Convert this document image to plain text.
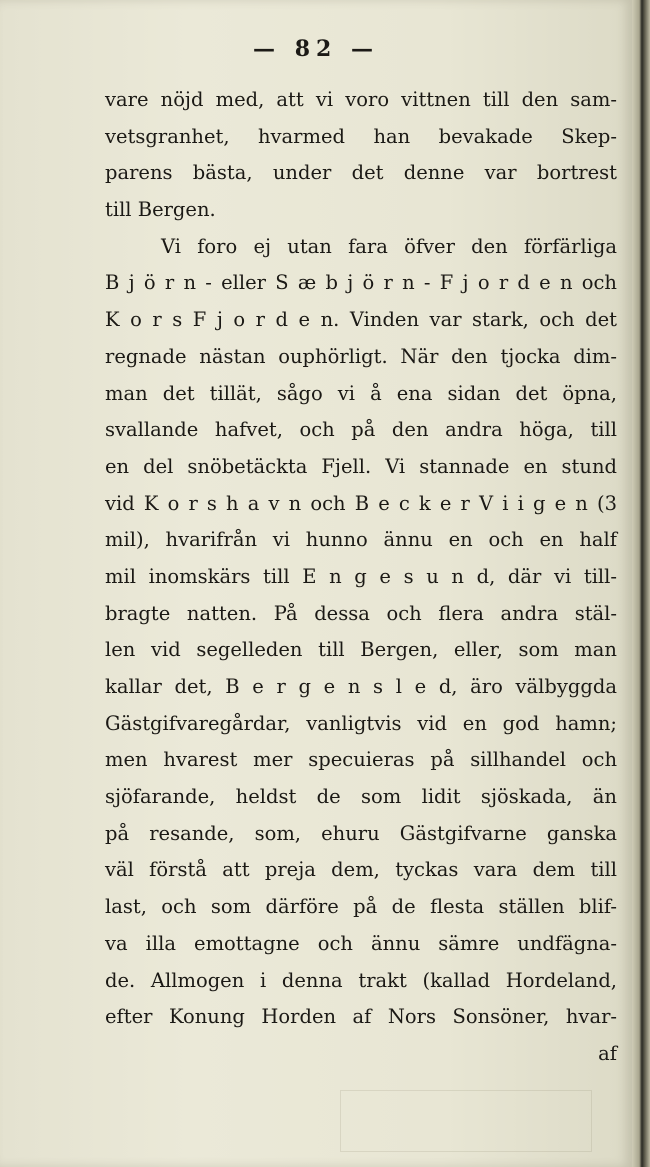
— 82 —
vare nöjd med, att vi voro vittnen till den sam-
vetsgranhet, hvarmed han bevakade Skep-
parens bästa, under det denne var bortrest
till Bergen.
Vi foro ej utan fara öfver den förfärliga
B j ö r n - eller S æ b j ö r n - F j o r d e n och
K o r s F j o r d e n. Vinden var stark, och det
regnade nästan ouphörligt. När den tjocka dim-
man det tillät, sågo vi å ena sidan det öpna,
svallande hafvet, och på den andra höga, till
en del snöbetäckta Fjell. Vi stannade en stund
vid K o r s h a v n och B e c k e r V i i g e n (3
mil), hvarifrån vi hunno ännu en och en half
mil inomskärs till E n g e s u n d, där vi till-
bragte natten. På dessa och flera andra stäl-
len vid segelleden till Bergen, eller, som man
kallar det, B e r g e n s l e d, äro välbyggda
Gästgifvaregårdar, vanligtvis vid en god hamn;
men hvarest mer specuieras på sillhandel och
sjöfarande, heldst de som lidit sjöskada, än
på resande, som, ehuru Gästgifvarne ganska
väl förstå att preja dem, tyckas vara dem till
last, och som därföre på de flesta ställen blif-
va illa emottagne och ännu sämre undfägna-
de. Allmogen i denna trakt (kallad Hordeland,
efter Konung Horden af Nors Sonsöner, hvar-
af
